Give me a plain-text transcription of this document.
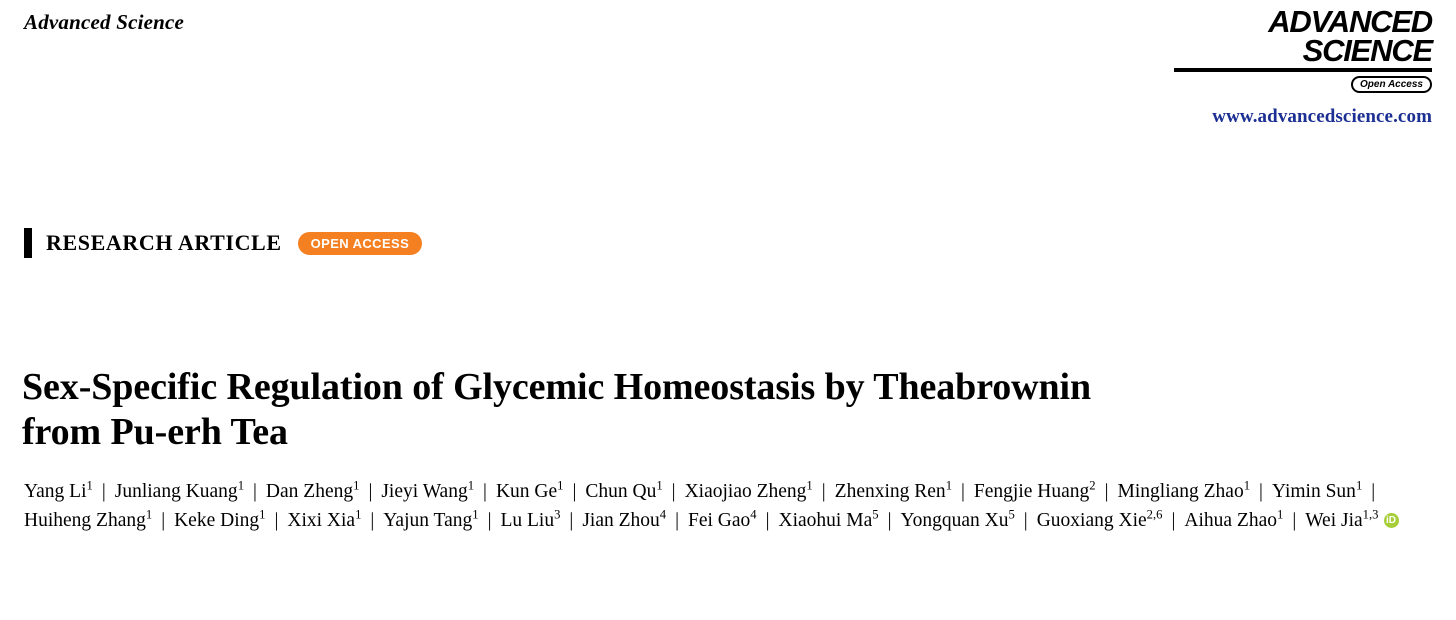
Advanced Science	ADVANCED
SCIENCE
Open Access
www.advancedscience.com
RESEARCH ARTICLE	OPEN ACCESS
Sex-Specific Regulation of Glycemic Homeostasis by Theabrownin from Pu-erh Tea
Yang Li$^1$ | Junliang Kuang$^1$ | Dan Zheng$^1$ | Jieyi Wang$^1$ | Kun Ge$^1$ | Chun Qu$^1$ | Xiaojiao Zheng$^1$ | Zhenxing Ren$^1$ | Fengjie Huang$^2$ | Mingliang Zhao$^1$ | Yimin Sun$^1$ |Huiheng Zhang$^1$ | Keke Ding$^1$ | Xixi Xia$^1$ | Yajun Tang$^1$ | Lu Liu$^3$ | Jian Zhou$^4$ | Fei Gao$^4$ | Xiaohui Ma$^5$ | Yongquan Xu$^5$ | Guoxiang Xie$^{2,6}$ | Aihua Zhao$^1$ | Wei Jia$^{1,3}$iD
